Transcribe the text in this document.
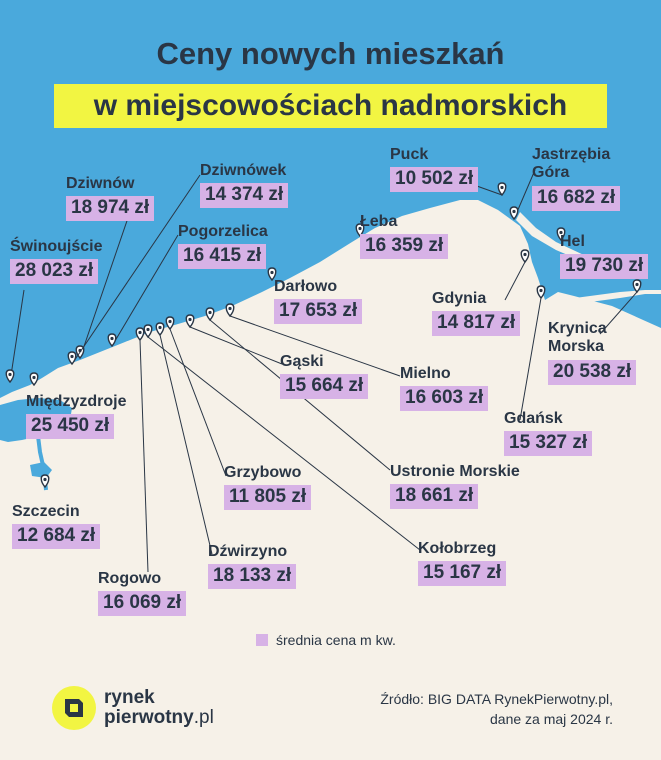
Ceny nowych mieszkań
w miejscowościach nadmorskich
Dziwnów
18 974 zł
Dziwnówek
14 374 zł
Świnoujście
28 023 zł
Pogorzelica
16 415 zł
Darłowo
17 653 zł
Łeba
16 359 zł
Puck
10 502 zł
Jastrzębia Góra
16 682 zł
Hel
19 730 zł
Gdynia
14 817 zł
Gąski
15 664 zł
Mielno
16 603 zł
Krynica Morska
20 538 zł
Międzyzdroje
25 450 zł	Gdańsk
15 327 zł
Grzybowo
11 805 zł
Ustronie Morskie
18 661 zł
Szczecin
12 684 zł
Dźwirzyno
18 133 zł
Kołobrzeg
15 167 zł
Rogowo
16 069 zł
średnia cena m kw.
rynek
pierwotny.pl
Źródło: BIG DATA RynekPierwotny.pl,
dane za maj 2024 r.
